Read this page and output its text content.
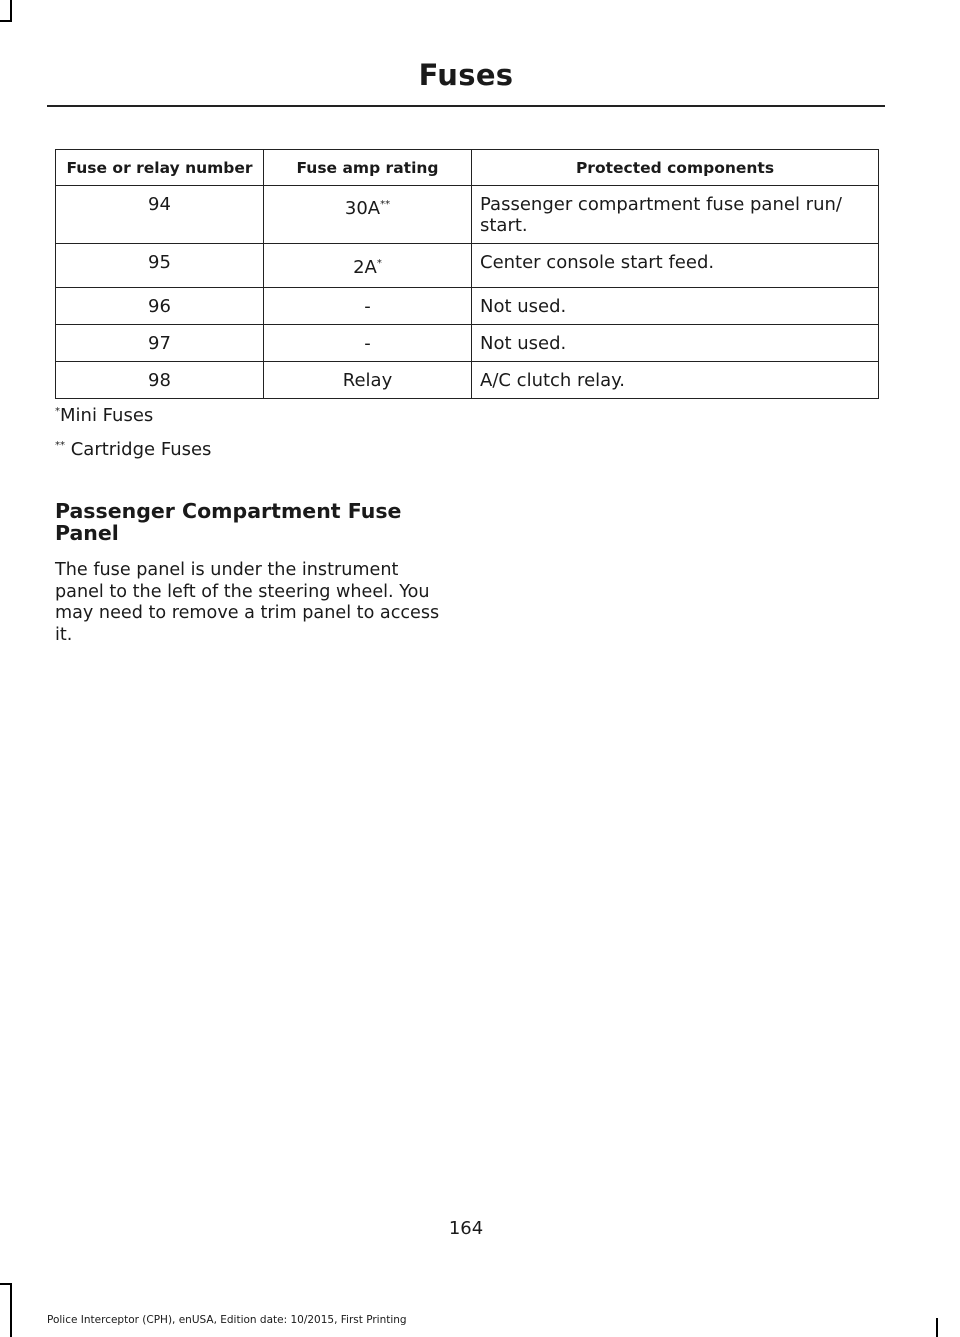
Fuses
Fuse or relay number	Fuse amp rating	Protected components
94	30A**	Passenger compartment fuse panel run/ start.
95	2A*	Center console start feed.
96	-	Not used.
97	-	Not used.
98	Relay	A/C clutch relay.
*Mini Fuses
** Cartridge Fuses
Passenger Compartment Fuse Panel
The fuse panel is under the instrument panel to the left of the steering wheel. You may need to remove a trim panel to access it.
164
Police Interceptor (CPH), enUSA, Edition date: 10/2015, First Printing
